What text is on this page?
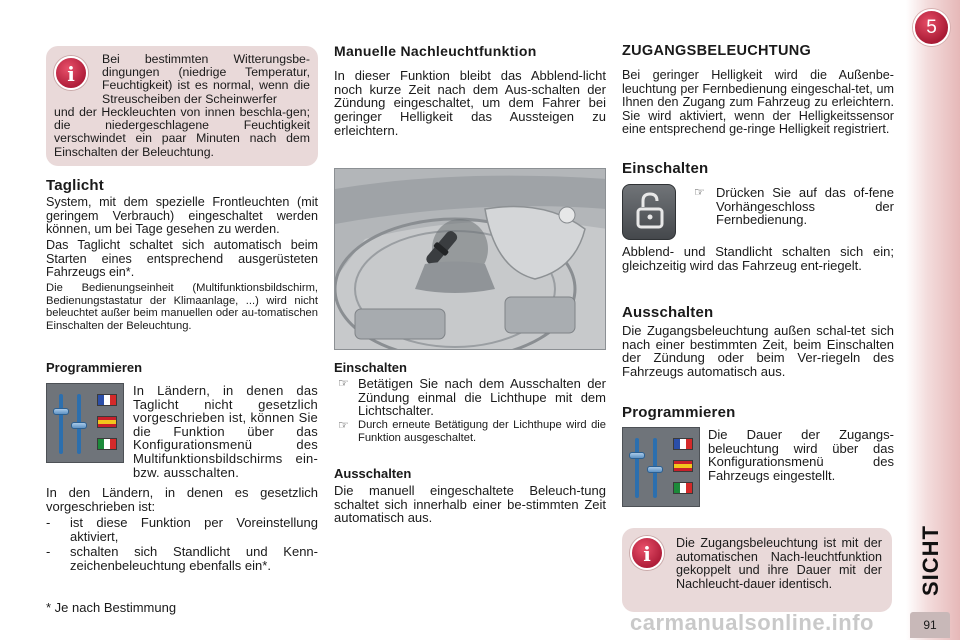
5
SICHT
91
i
Bei bestimmten Witterungsbe-dingungen (niedrige Temperatur, Feuchtigkeit) ist es normal, wenn die Streuscheiben der Scheinwerfer
und der Heckleuchten von innen beschla-gen; die niedergeschlagene Feuchtigkeit verschwindet ein paar Minuten nach dem Einschalten der Beleuchtung.
Taglicht
System, mit dem spezielle Frontleuchten (mit geringem Verbrauch) eingeschaltet werden können, um bei Tage gesehen zu werden.
Das Taglicht schaltet sich automatisch beim Starten eines entsprechend ausgerüsteten Fahrzeugs ein*.
Die Bedienungseinheit (Multifunktionsbildschirm, Bedienungstastatur der Klimaanlage, ...) wird nicht beleuchtet außer beim manuellen oder au-tomatischen Einschalten der Beleuchtung.
Programmieren
In Ländern, in denen das Taglicht nicht gesetzlich vorgeschrieben ist, können Sie die Funktion über das Konfigurationsmenü des Multifunktionsbildschirms ein- bzw. ausschalten.
In den Ländern, in denen es gesetzlich vorgeschrieben ist:
- ist diese Funktion per Voreinstellung aktiviert,
- schalten sich Standlicht und Kenn-zeichenbeleuchtung ebenfalls ein*.
* Je nach Bestimmung
Manuelle Nachleuchtfunktion
In dieser Funktion bleibt das Abblend-licht noch kurze Zeit nach dem Aus-schalten der Zündung eingeschaltet, um dem Fahrer bei geringer Helligkeit das Aussteigen zu erleichtern.
Einschalten
☞ Betätigen Sie nach dem Ausschalten der Zündung einmal die Lichthupe mit dem Lichtschalter.
☞ Durch erneute Betätigung der Lichthupe wird die Funktion ausgeschaltet.
Ausschalten
Die manuell eingeschaltete Beleuch-tung schaltet sich innerhalb einer be-stimmten Zeit automatisch aus.
ZUGANGSBELEUCHTUNG
Bei geringer Helligkeit wird die Außenbe-leuchtung per Fernbedienung eingeschal-tet, um Ihnen den Zugang zum Fahrzeug zu erleichtern. Sie wird aktiviert, wenn der Helligkeitssensor eine entsprechend ge-ringe Helligkeit registriert.
Einschalten
☞ Drücken Sie auf das of-fene Vorhängeschloss der Fernbedienung.
Abblend- und Standlicht schalten sich ein; gleichzeitig wird das Fahrzeug ent-riegelt.
Ausschalten
Die Zugangsbeleuchtung außen schal-tet sich nach einer bestimmten Zeit, beim Einschalten der Zündung oder beim Ver-riegeln des Fahrzeugs automatisch aus.
Programmieren
Die Dauer der Zugangs-beleuchtung wird über das Konfigurationsmenü des Fahrzeugs eingestellt.
i	Die Zugangsbeleuchtung ist mit der automatischen Nach-leuchtfunktion gekoppelt und ihre Dauer mit der Nachleucht-dauer identisch.
carmanualsonline.info
